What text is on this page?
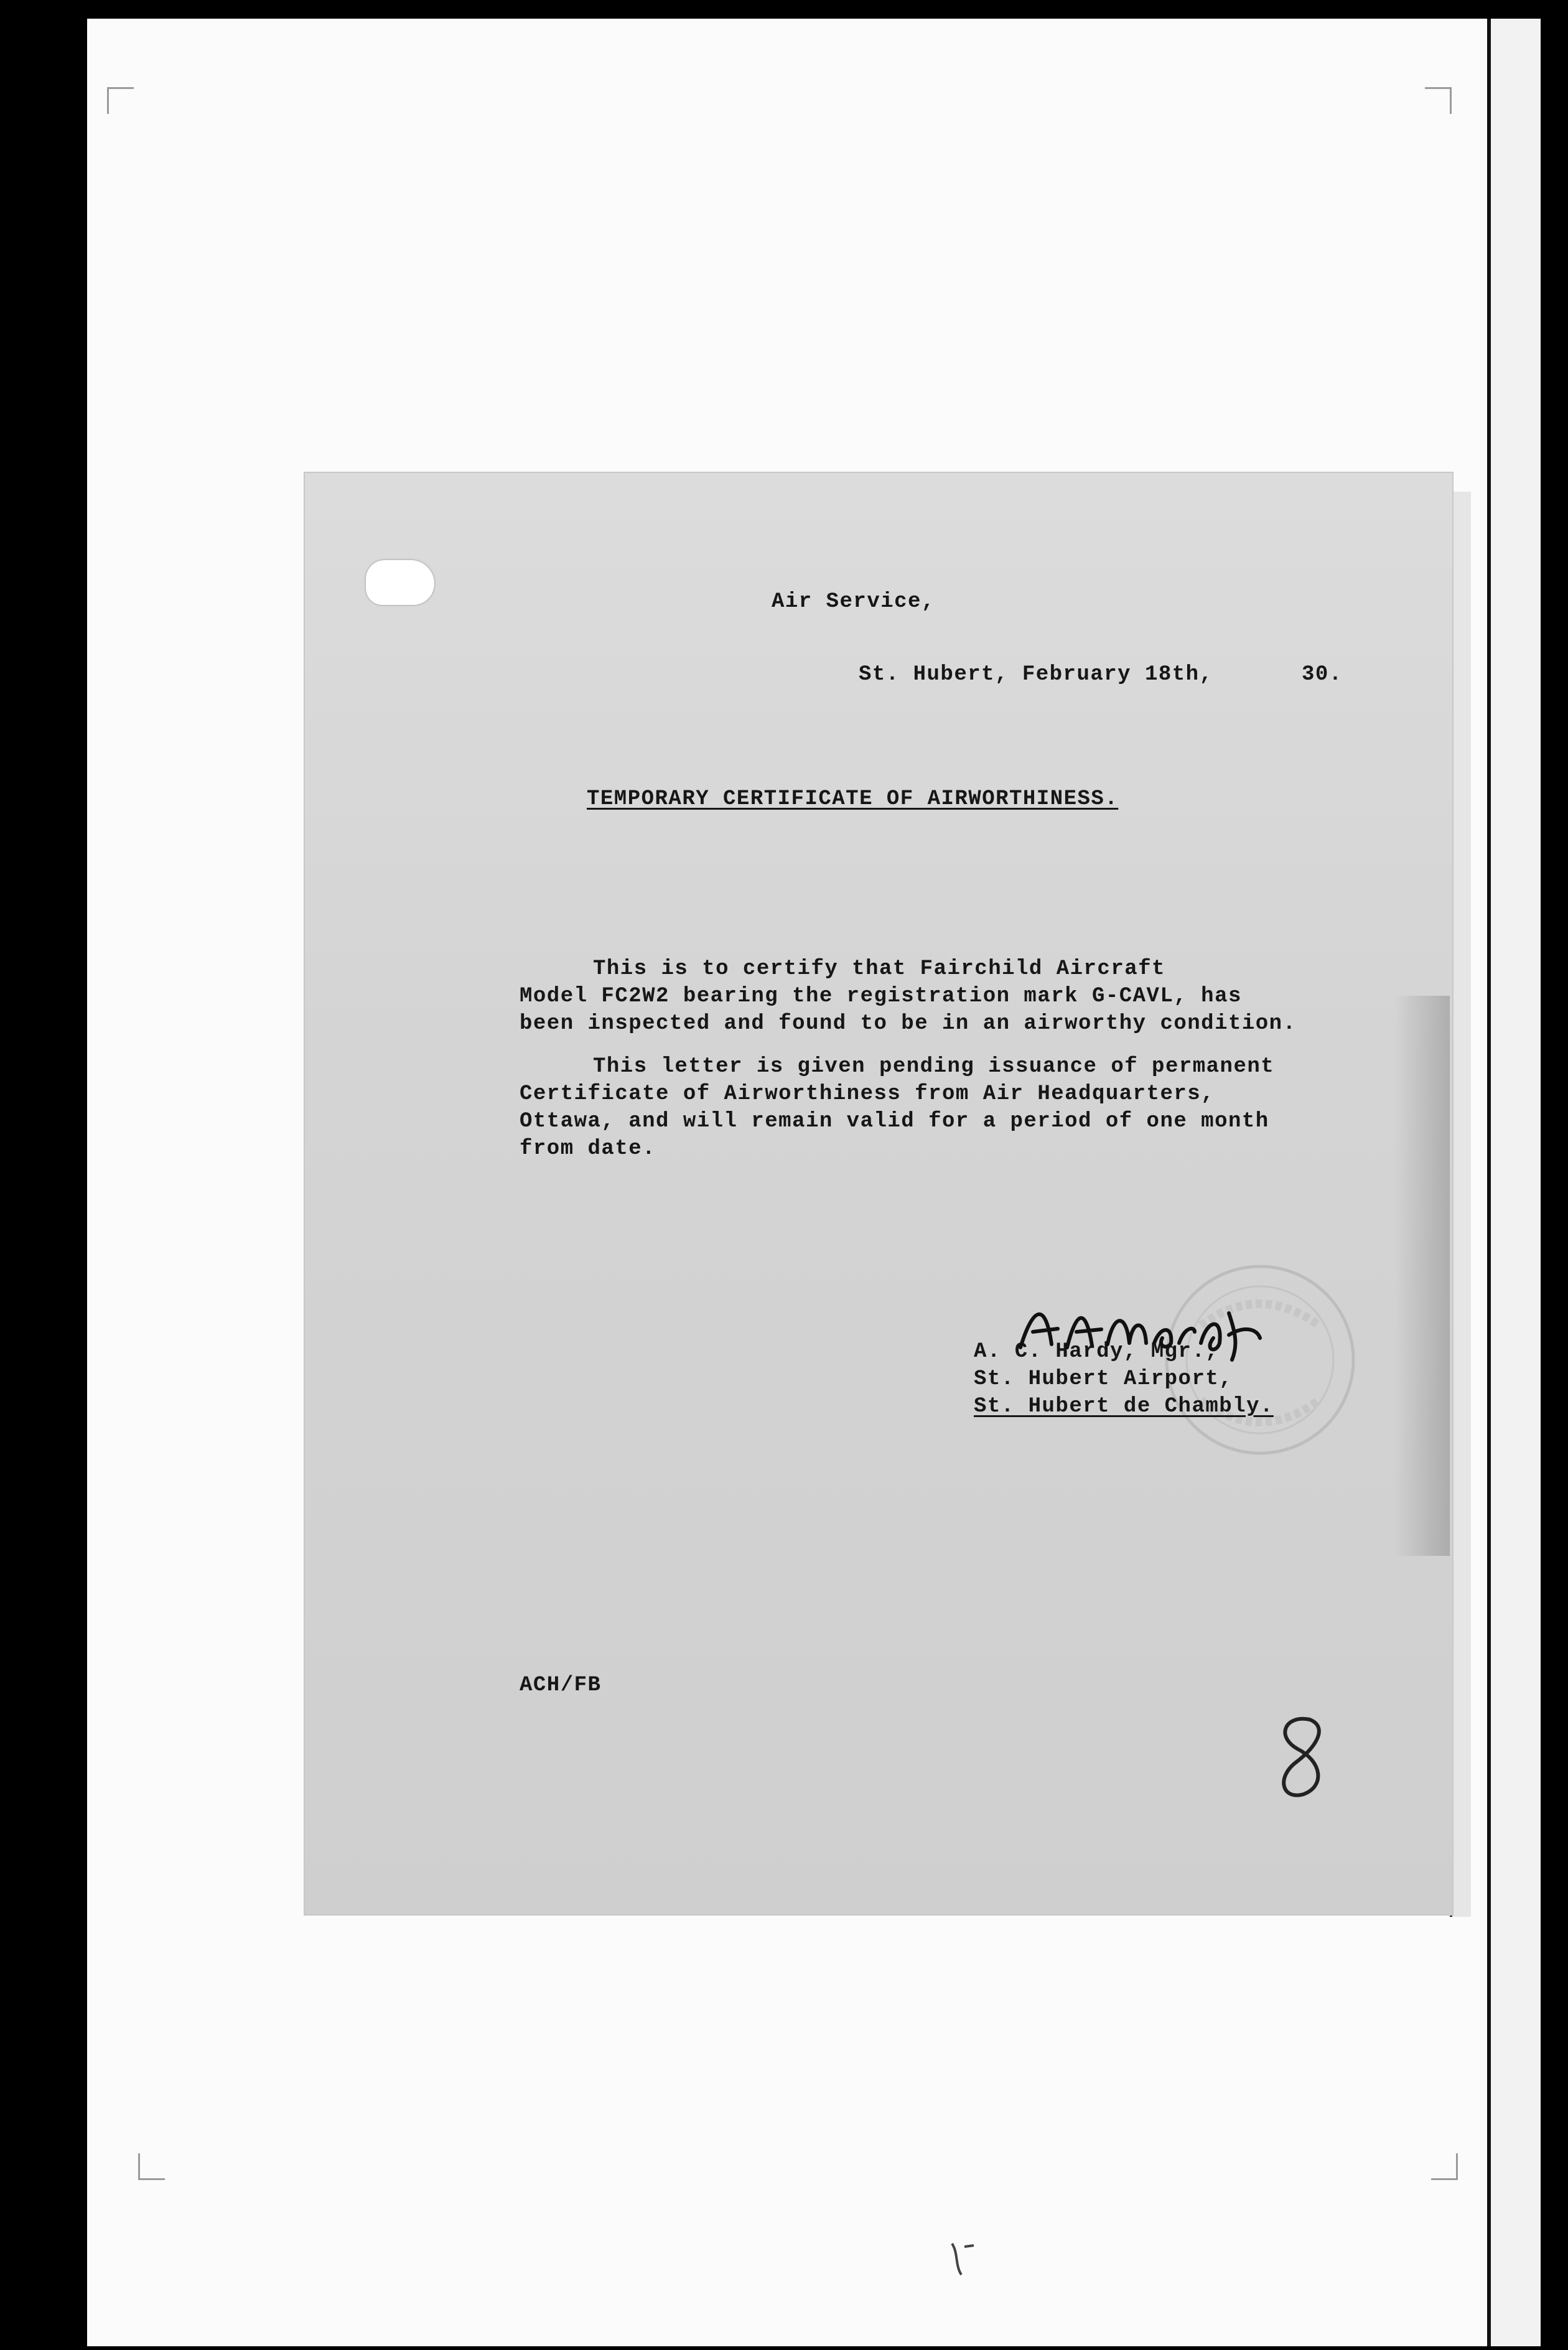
Air Service,
St. Hubert, February 18th,	30.
TEMPORARY CERTIFICATE OF AIRWORTHINESS.
This is to certify that Fairchild Aircraft
Model FC2W2 bearing the registration mark G-CAVL, has
been inspected and found to be in an airworthy condition.
This letter is given pending issuance of permanent
Certificate of Airworthiness from Air Headquarters,
Ottawa, and will remain valid for a period of one month
from date.
A. C. Hardy, Mgr.,
St. Hubert Airport,
St. Hubert de Chambly.
ACH/FB
